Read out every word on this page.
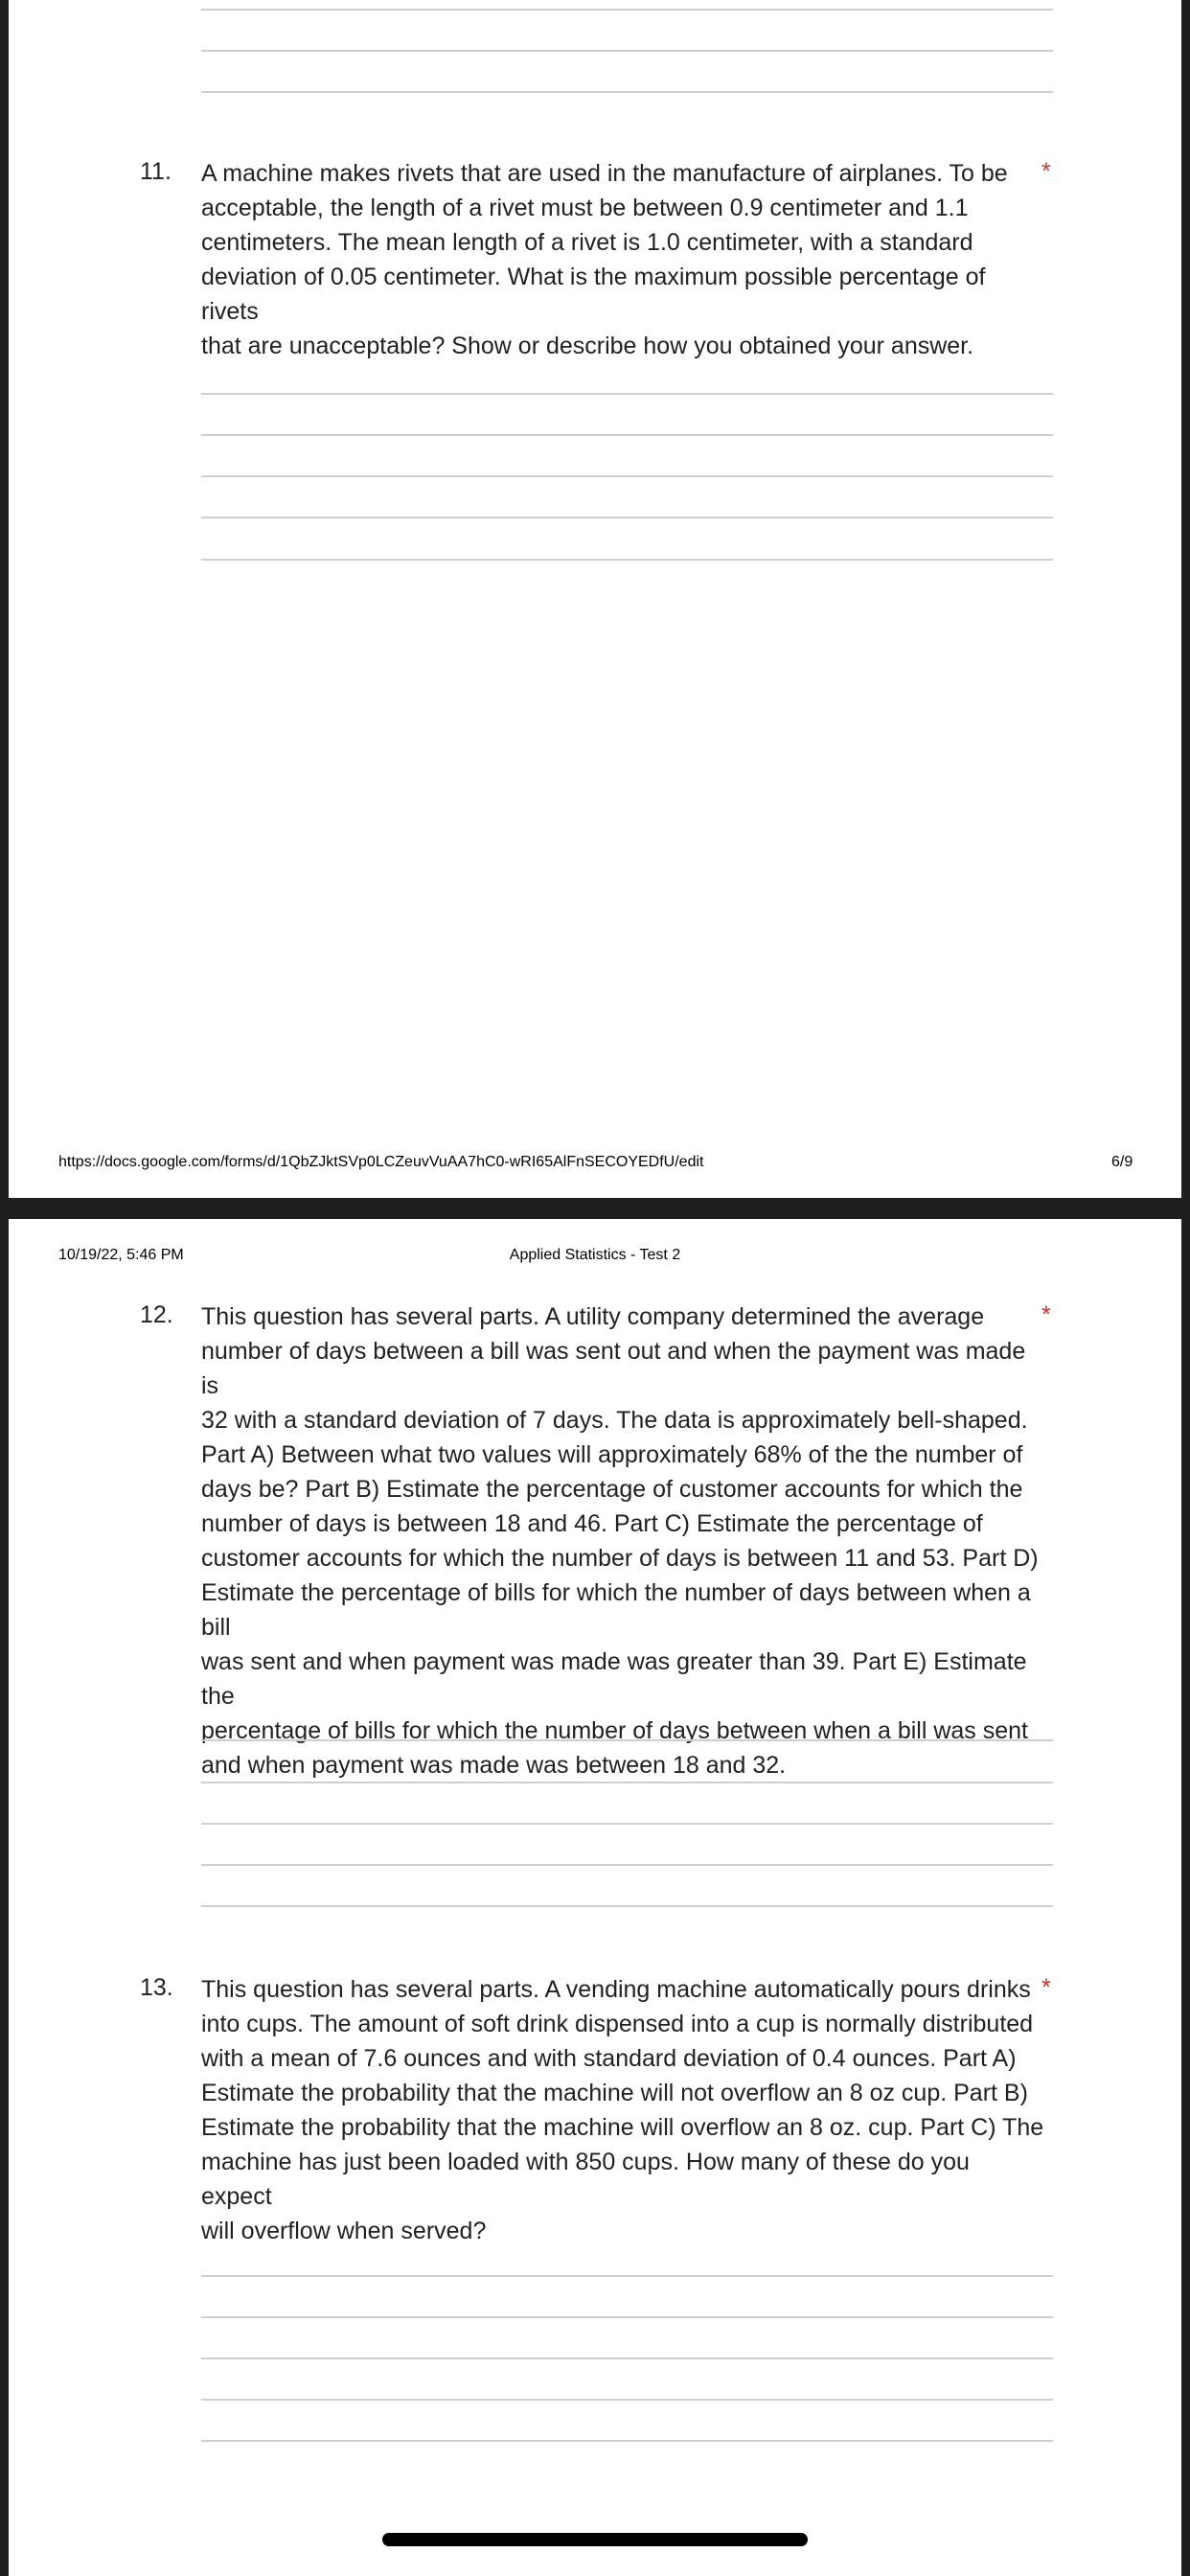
11. A machine makes rivets that are used in the manufacture of airplanes. To be
acceptable, the length of a rivet must be between 0.9 centimeter and 1.1
centimeters. The mean length of a rivet is 1.0 centimeter, with a standard
deviation of 0.05 centimeter. What is the maximum possible percentage of rivets
that are unacceptable? Show or describe how you obtained your answer.
*
https://docs.google.com/forms/d/1QbZJktSVp0LCZeuvVuAA7hC0-wRI65AlFnSECOYEDfU/edit	6/9
10/19/22, 5:46 PM	Applied Statistics - Test 2
12. This question has several parts. A utility company determined the average
number of days between a bill was sent out and when the payment was made is
32 with a standard deviation of 7 days. The data is approximately bell-shaped.
Part A) Between what two values will approximately 68% of the the number of
days be? Part B) Estimate the percentage of customer accounts for which the
number of days is between 18 and 46. Part C) Estimate the percentage of
customer accounts for which the number of days is between 11 and 53. Part D)
Estimate the percentage of bills for which the number of days between when a bill
was sent and when payment was made was greater than 39. Part E) Estimate the
percentage of bills for which the number of days between when a bill was sent
and when payment was made was between 18 and 32.
*
13. This question has several parts. A vending machine automatically pours drinks
into cups. The amount of soft drink dispensed into a cup is normally distributed
with a mean of 7.6 ounces and with standard deviation of 0.4 ounces. Part A)
Estimate the probability that the machine will not overflow an 8 oz cup. Part B)
Estimate the probability that the machine will overflow an 8 oz. cup. Part C) The
machine has just been loaded with 850 cups. How many of these do you expect
will overflow when served?
*
